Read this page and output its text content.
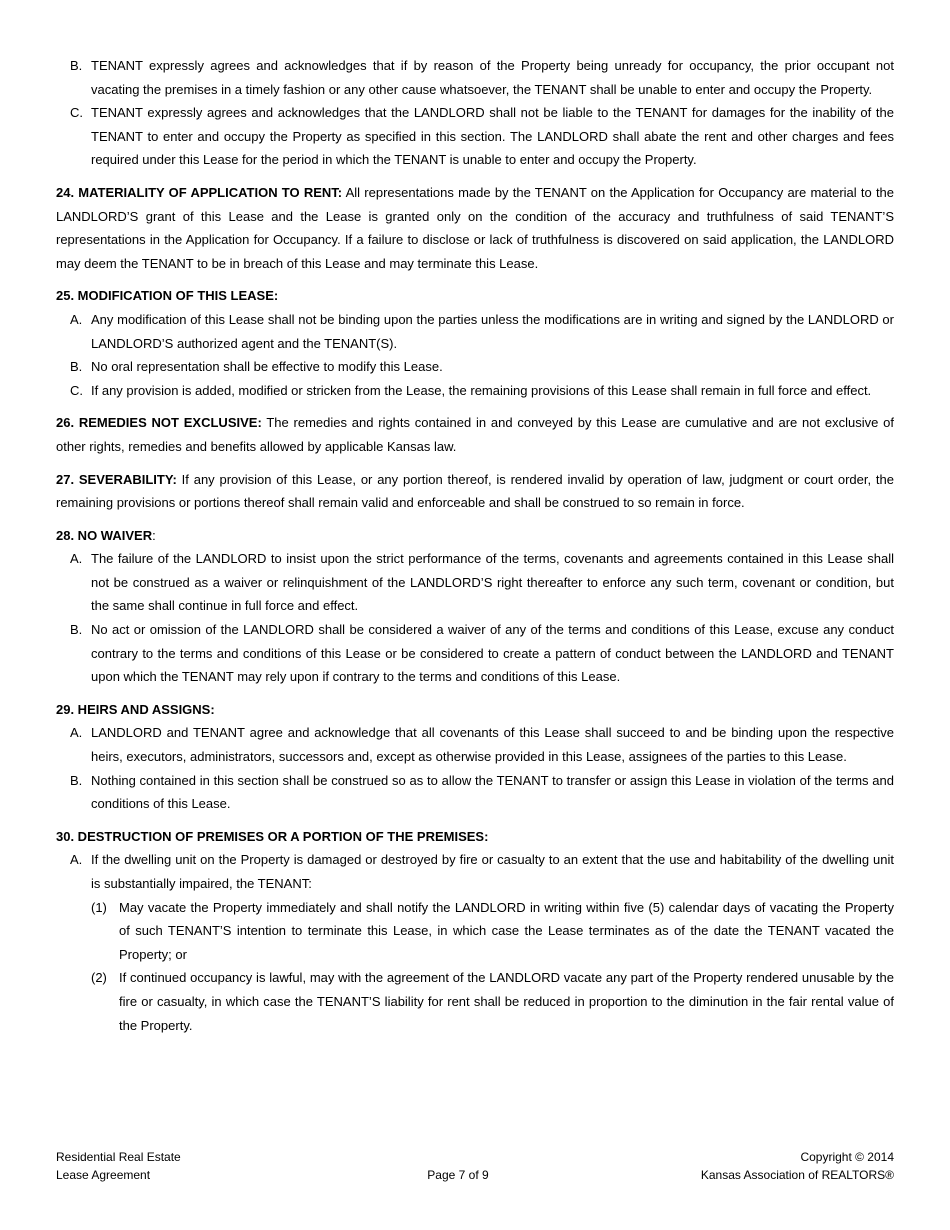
B. TENANT expressly agrees and acknowledges that if by reason of the Property being unready for occupancy, the prior occupant not vacating the premises in a timely fashion or any other cause whatsoever, the TENANT shall be unable to enter and occupy the Property.
C. TENANT expressly agrees and acknowledges that the LANDLORD shall not be liable to the TENANT for damages for the inability of the TENANT to enter and occupy the Property as specified in this section. The LANDLORD shall abate the rent and other charges and fees required under this Lease for the period in which the TENANT is unable to enter and occupy the Property.

24. MATERIALITY OF APPLICATION TO RENT: All representations made by the TENANT on the Application for Occupancy are material to the LANDLORD’S grant of this Lease and the Lease is granted only on the condition of the accuracy and truthfulness of said TENANT’S representations in the Application for Occupancy. If a failure to disclose or lack of truthfulness is discovered on said application, the LANDLORD may deem the TENANT to be in breach of this Lease and may terminate this Lease.

25. MODIFICATION OF THIS LEASE:
A. Any modification of this Lease shall not be binding upon the parties unless the modifications are in writing and signed by the LANDLORD or LANDLORD’S authorized agent and the TENANT(S).
B. No oral representation shall be effective to modify this Lease.
C. If any provision is added, modified or stricken from the Lease, the remaining provisions of this Lease shall remain in full force and effect.

26. REMEDIES NOT EXCLUSIVE: The remedies and rights contained in and conveyed by this Lease are cumulative and are not exclusive of other rights, remedies and benefits allowed by applicable Kansas law.

27. SEVERABILITY: If any provision of this Lease, or any portion thereof, is rendered invalid by operation of law, judgment or court order, the remaining provisions or portions thereof shall remain valid and enforceable and shall be construed to so remain in force.

28. NO WAIVER:
A. The failure of the LANDLORD to insist upon the strict performance of the terms, covenants and agreements contained in this Lease shall not be construed as a waiver or relinquishment of the LANDLORD’S right thereafter to enforce any such term, covenant or condition, but the same shall continue in full force and effect.
B. No act or omission of the LANDLORD shall be considered a waiver of any of the terms and conditions of this Lease, excuse any conduct contrary to the terms and conditions of this Lease or be considered to create a pattern of conduct between the LANDLORD and TENANT upon which the TENANT may rely upon if contrary to the terms and conditions of this Lease.
29. HEIRS AND ASSIGNS:
A. LANDLORD and TENANT agree and acknowledge that all covenants of this Lease shall succeed to and be binding upon the respective heirs, executors, administrators, successors and, except as otherwise provided in this Lease, assignees of the parties to this Lease.
B. Nothing contained in this section shall be construed so as to allow the TENANT to transfer or assign this Lease in violation of the terms and conditions of this Lease.
30. DESTRUCTION OF PREMISES OR A PORTION OF THE PREMISES:
A. If the dwelling unit on the Property is damaged or destroyed by fire or casualty to an extent that the use and habitability of the dwelling unit is substantially impaired, the TENANT:
(1) May vacate the Property immediately and shall notify the LANDLORD in writing within five (5) calendar days of vacating the Property of such TENANT’S intention to terminate this Lease, in which case the Lease terminates as of the date the TENANT vacated the Property; or
(2) If continued occupancy is lawful, may with the agreement of the LANDLORD vacate any part of the Property rendered unusable by the fire or casualty, in which case the TENANT’S liability for rent shall be reduced in proportion to the diminution in the fair rental value of the Property.
Residential Real Estate
Lease Agreement	Page 7 of 9
Copyright © 2014
Kansas Association of REALTORS®
